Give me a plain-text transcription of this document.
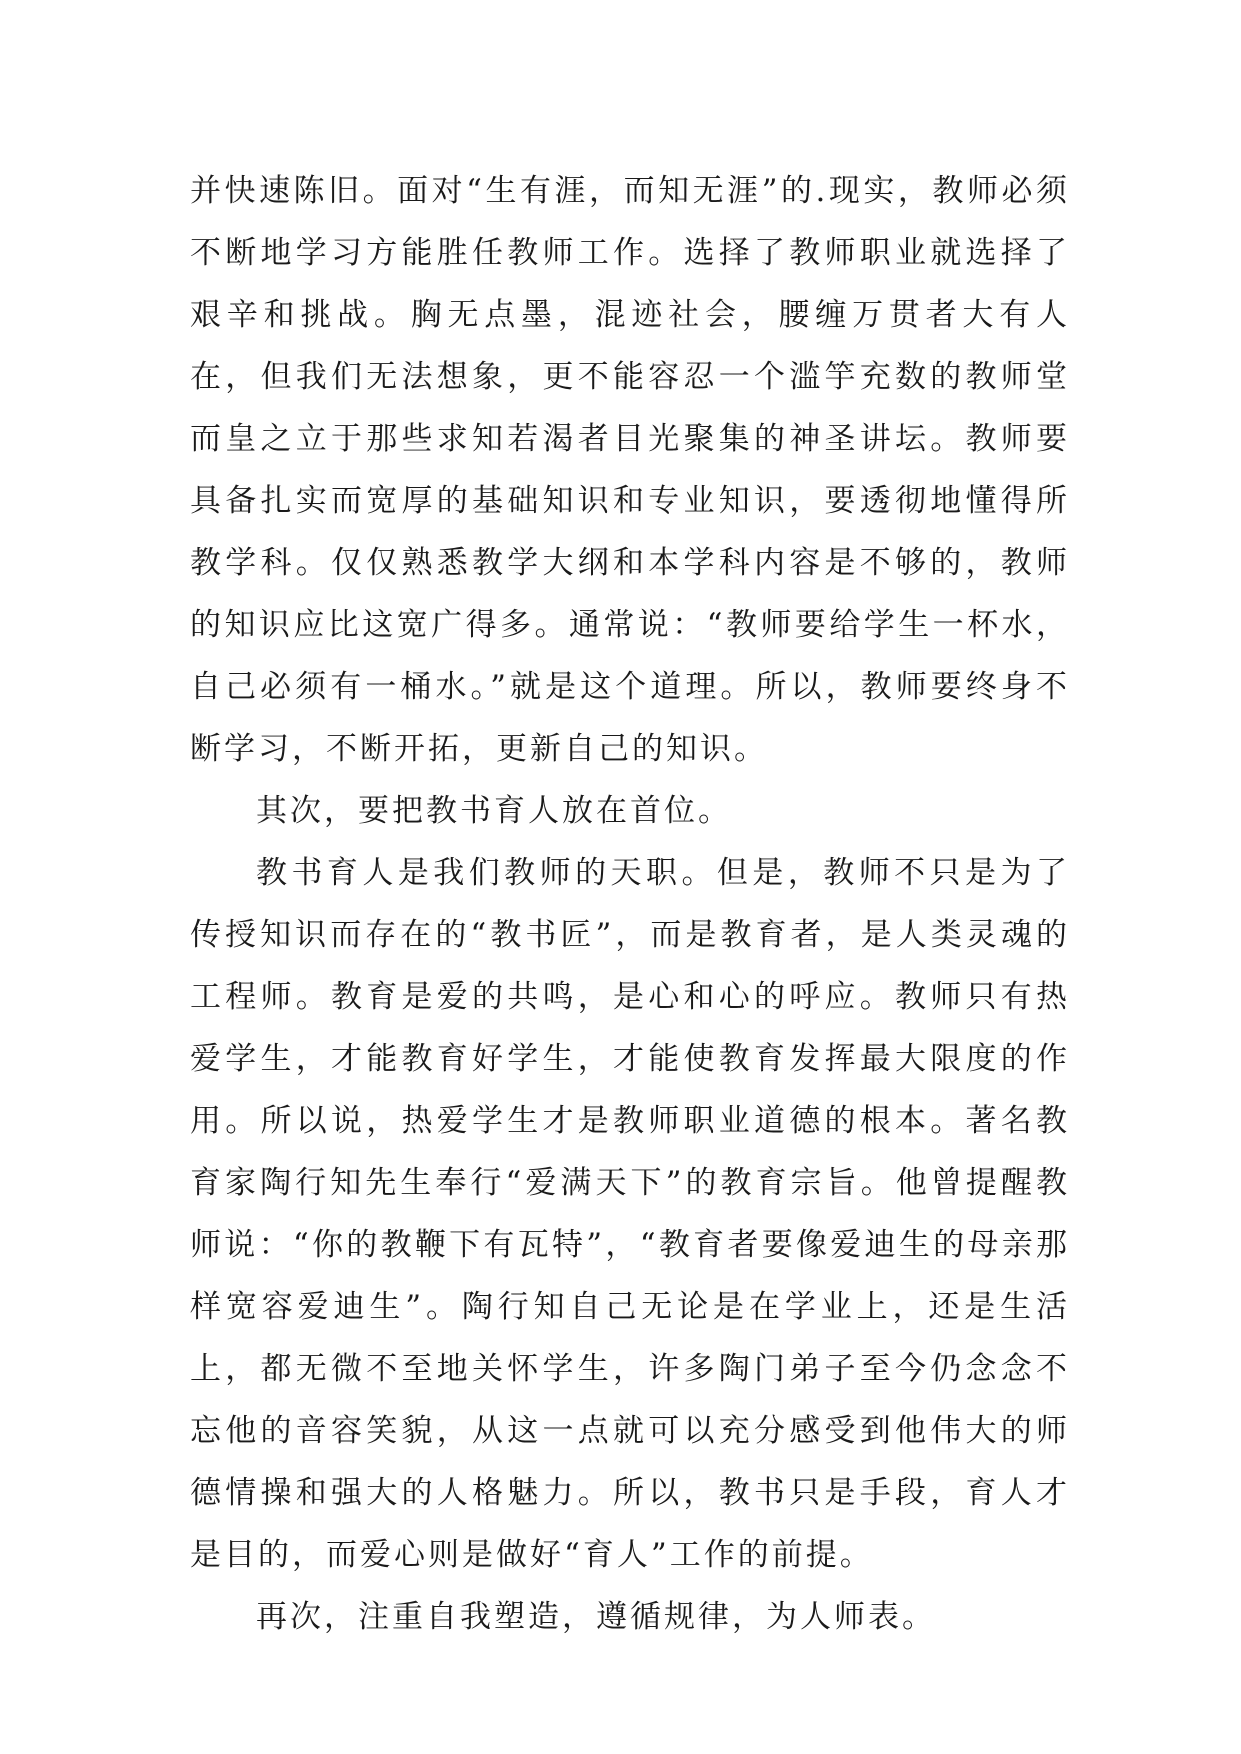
并快速陈旧。面对“生有涯，而知无涯”的.现实，教师必须不断地学习方能胜任教师工作。选择了教师职业就选择了艰辛和挑战。胸无点墨，混迹社会，腰缠万贯者大有人在，但我们无法想象，更不能容忍一个滥竽充数的教师堂而皇之立于那些求知若渴者目光聚集的神圣讲坛。教师要具备扎实而宽厚的基础知识和专业知识，要透彻地懂得所教学科。仅仅熟悉教学大纲和本学科内容是不够的，教师的知识应比这宽广得多。通常说：“教师要给学生一杯水，自己必须有一桶水。”就是这个道理。所以，教师要终身不断学习，不断开拓，更新自己的知识。

其次，要把教书育人放在首位。

教书育人是我们教师的天职。但是，教师不只是为了传授知识而存在的“教书匠”，而是教育者，是人类灵魂的工程师。教育是爱的共鸣，是心和心的呼应。教师只有热爱学生，才能教育好学生，才能使教育发挥最大限度的作用。所以说，热爱学生才是教师职业道德的根本。著名教育家陶行知先生奉行“爱满天下”的教育宗旨。他曾提醒教师说：“你的教鞭下有瓦特”，“教育者要像爱迪生的母亲那样宽容爱迪生”。陶行知自己无论是在学业上，还是生活上，都无微不至地关怀学生，许多陶门弟子至今仍念念不忘他的音容笑貌，从这一点就可以充分感受到他伟大的师德情操和强大的人格魅力。所以，教书只是手段，育人才是目的，而爱心则是做好“育人”工作的前提。

再次，注重自我塑造，遵循规律，为人师表。
